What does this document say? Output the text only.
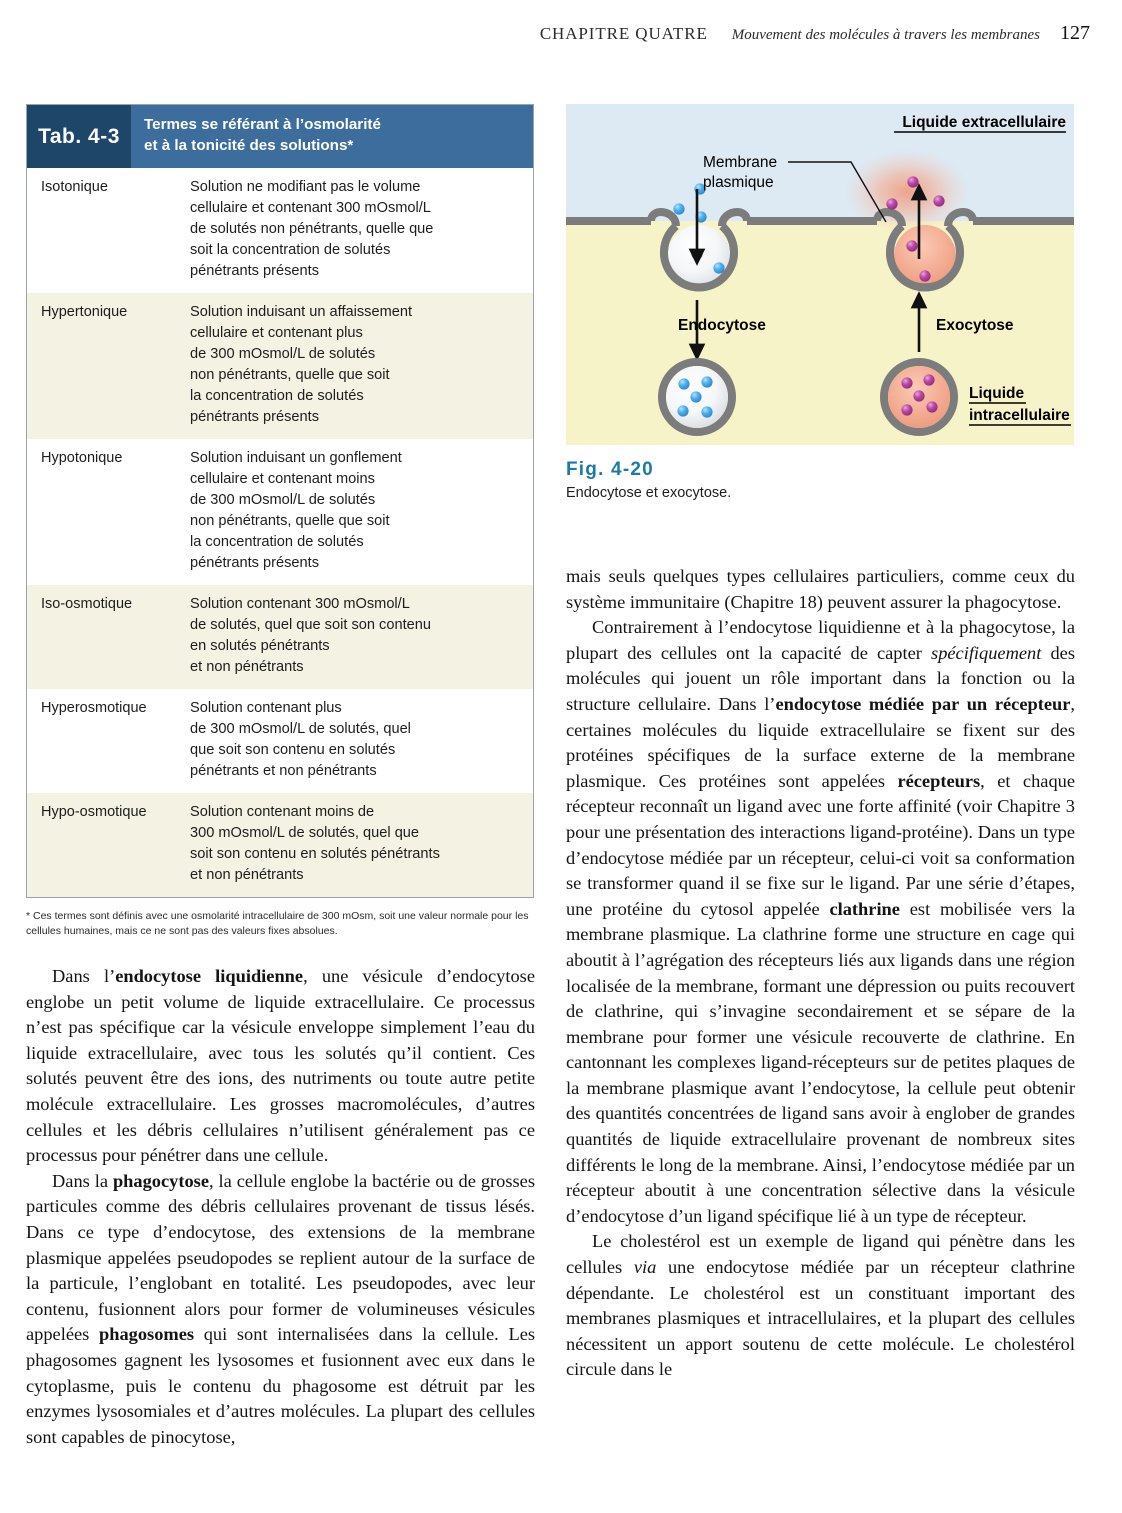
CHAPITRE QUATRE Mouvement des molécules à travers les membranes 127
Tab. 4-3	Termes se référant à l’osmolarité
et à la tonicité des solutions*
Isotonique	Solution ne modifiant pas le volume
cellulaire et contenant 300 mOsmol/L
de solutés non pénétrants, quelle que
soit la concentration de solutés
pénétrants présents
Hypertonique	Solution induisant un affaissement
cellulaire et contenant plus
de 300 mOsmol/L de solutés
non pénétrants, quelle que soit
la concentration de solutés
pénétrants présents
Hypotonique	Solution induisant un gonflement
cellulaire et contenant moins
de 300 mOsmol/L de solutés
non pénétrants, quelle que soit
la concentration de solutés
pénétrants présents
Iso-osmotique	Solution contenant 300 mOsmol/L
de solutés, quel que soit son contenu
en solutés pénétrants
et non pénétrants
Hyperosmotique	Solution contenant plus
de 300 mOsmol/L de solutés, quel
que soit son contenu en solutés
pénétrants et non pénétrants
Hypo-osmotique	Solution contenant moins de
300 mOsmol/L de solutés, quel que
soit son contenu en solutés pénétrants
et non pénétrants
* Ces termes sont définis avec une osmolarité intracellulaire de 300 mOsm, soit une valeur normale pour les cellules humaines, mais ce ne sont pas des valeurs fixes absolues.
Liquide extracellulaire
Membrane
plasmique
Endocytose	Exocytose
Liquide
intracellulaire
Fig. 4-20
Endocytose et exocytose.

Dans l’endocytose liquidienne, une vésicule d’endocytose englobe un petit volume de liquide extracellulaire. Ce processus n’est pas spécifique car la vésicule enveloppe simplement l’eau du liquide extracellulaire, avec tous les solutés qu’il contient. Ces solutés peuvent être des ions, des nutriments ou toute autre petite molécule extracellulaire. Les grosses macromolécules, d’autres cellules et les débris cellulaires n’utilisent généralement pas ce processus pour pénétrer dans une cellule.

Dans la phagocytose, la cellule englobe la bactérie ou de grosses particules comme des débris cellulaires provenant de tissus lésés. Dans ce type d’endocytose, des extensions de la membrane plasmique appelées pseudopodes se replient autour de la surface de la particule, l’englobant en totalité. Les pseudopodes, avec leur contenu, fusionnent alors pour former de volumineuses vésicules appelées phagosomes qui sont internalisées dans la cellule. Les phagosomes gagnent les lysosomes et fusionnent avec eux dans le cytoplasme, puis le contenu du phagosome est détruit par les enzymes lysosomiales et d’autres molécules. La plupart des cellules sont capables de pinocytose,

mais seuls quelques types cellulaires particuliers, comme ceux du système immunitaire (Chapitre 18) peuvent assurer la phagocytose.

Contrairement à l’endocytose liquidienne et à la phagocytose, la plupart des cellules ont la capacité de capter spécifiquement des molécules qui jouent un rôle important dans la fonction ou la structure cellulaire. Dans l’endocytose médiée par un récepteur, certaines molécules du liquide extracellulaire se fixent sur des protéines spécifiques de la surface externe de la membrane plasmique. Ces protéines sont appelées récepteurs, et chaque récepteur reconnaît un ligand avec une forte affinité (voir Chapitre 3 pour une présentation des interactions ligand-protéine). Dans un type d’endocytose médiée par un récepteur, celui-ci voit sa conformation se transformer quand il se fixe sur le ligand. Par une série d’étapes, une protéine du cytosol appelée clathrine est mobilisée vers la membrane plasmique. La clathrine forme une structure en cage qui aboutit à l’agrégation des récepteurs liés aux ligands dans une région localisée de la membrane, formant une dépression ou puits recouvert de clathrine, qui s’invagine secondairement et se sépare de la membrane pour former une vésicule recouverte de clathrine. En cantonnant les complexes ligand-récepteurs sur de petites plaques de la membrane plasmique avant l’endocytose, la cellule peut obtenir des quantités concentrées de ligand sans avoir à englober de grandes quantités de liquide extracellulaire provenant de nombreux sites différents le long de la membrane. Ainsi, l’endocytose médiée par un récepteur aboutit à une concentration sélective dans la vésicule d’endocytose d’un ligand spécifique lié à un type de récepteur.

Le cholestérol est un exemple de ligand qui pénètre dans les cellules via une endocytose médiée par un récepteur clathrine dépendante. Le cholestérol est un constituant important des membranes plasmiques et intracellulaires, et la plupart des cellules nécessitent un apport soutenu de cette molécule. Le cholestérol circule dans le
